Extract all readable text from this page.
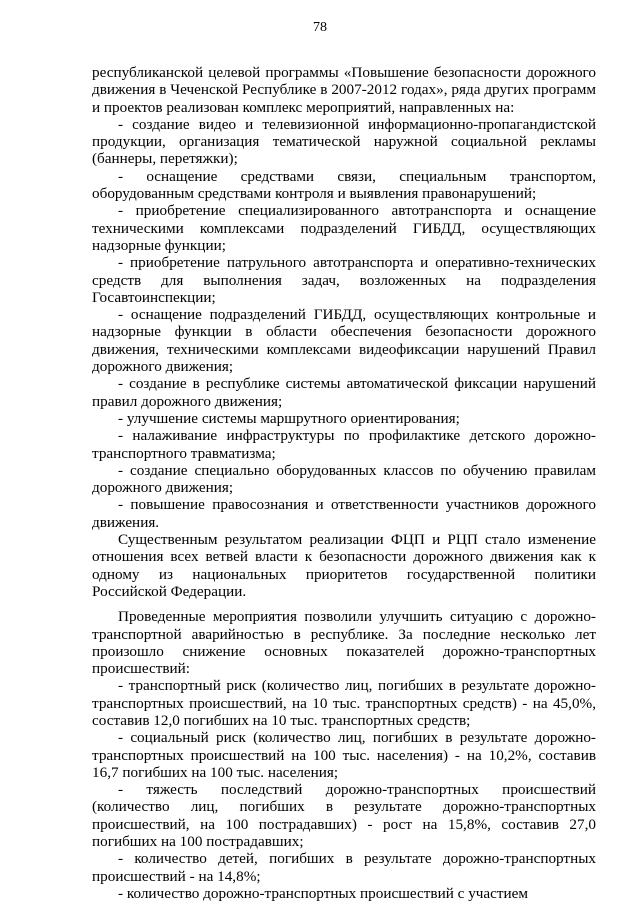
78

республиканской целевой программы «Повышение безопасности дорожного движения в Чеченской Республике в 2007-2012 годах», ряда других программ и проектов реализован комплекс мероприятий, направленных на:

- создание видео и телевизионной информационно-пропагандистской продукции, организация тематической наружной социальной рекламы (баннеры, перетяжки);

- оснащение средствами связи, специальным транспортом, оборудованным средствами контроля и выявления правонарушений;

- приобретение специализированного автотранспорта и оснащение техническими комплексами подразделений ГИБДД, осуществляющих надзорные функции;

- приобретение патрульного автотранспорта и оперативно-технических средств для выполнения задач, возложенных на подразделения Госавтоинспекции;

- оснащение подразделений ГИБДД, осуществляющих контрольные и надзорные функции в области обеспечения безопасности дорожного движения, техническими комплексами видеофиксации нарушений Правил дорожного движения;

- создание в республике системы автоматической фиксации нарушений правил дорожного движения;

- улучшение системы маршрутного ориентирования;

- налаживание инфраструктуры по профилактике детского дорожно-транспортного травматизма;

- создание специально оборудованных классов по обучению правилам дорожного движения;

- повышение правосознания и ответственности участников дорожного движения.

Существенным результатом реализации ФЦП и РЦП стало изменение отношения всех ветвей власти к безопасности дорожного движения как к одному из национальных приоритетов государственной политики Российской Федерации.

Проведенные мероприятия позволили улучшить ситуацию с дорожно-транспортной аварийностью в республике. За последние несколько лет произошло снижение основных показателей дорожно-транспортных происшествий:

- транспортный риск (количество лиц, погибших в результате дорожно-транспортных происшествий, на 10 тыс. транспортных средств) - на 45,0%, составив 12,0 погибших на 10 тыс. транспортных средств;

- социальный риск (количество лиц, погибших в результате дорожно-транспортных происшествий на 100 тыс. населения) - на 10,2%, составив 16,7 погибших на 100 тыс. населения;

- тяжесть последствий дорожно-транспортных происшествий (количество лиц, погибших в результате дорожно-транспортных происшествий, на 100 пострадавших) - рост на 15,8%, составив 27,0 погибших на 100 пострадавших;

- количество детей, погибших в результате дорожно-транспортных происшествий - на 14,8%;

- количество дорожно-транспортных происшествий с участием
